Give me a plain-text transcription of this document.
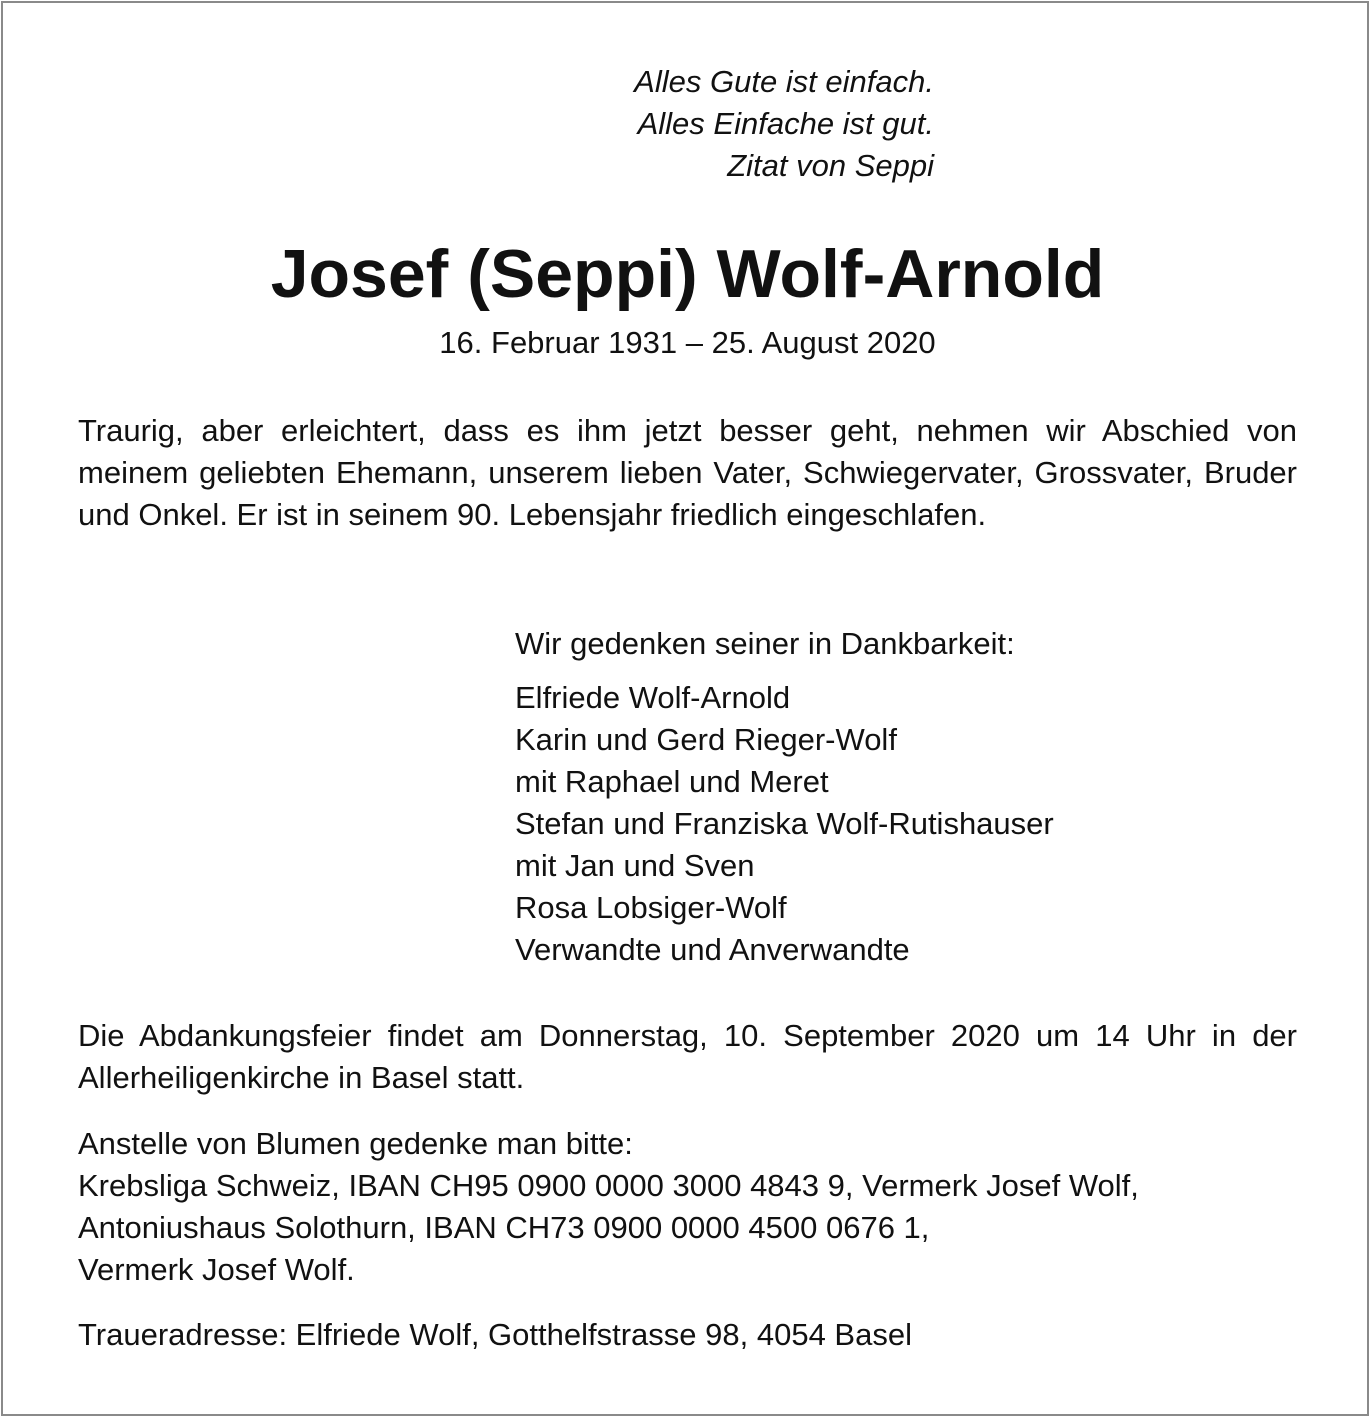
Alles Gute ist einfach.
Alles Einfache ist gut.
Zitat von Seppi
Josef (Seppi) Wolf-Arnold
16. Februar 1931 – 25. August 2020
Traurig, aber erleichtert, dass es ihm jetzt besser geht, nehmen wir Abschied von meinem geliebten Ehemann, unserem lieben Vater, Schwiegervater, Grossvater, Bruder und Onkel. Er ist in seinem 90. Lebensjahr friedlich eingeschlafen.
Wir gedenken seiner in Dankbarkeit:
Elfriede Wolf-Arnold
Karin und Gerd Rieger-Wolf
mit Raphael und Meret
Stefan und Franziska Wolf-Rutishauser
mit Jan und Sven
Rosa Lobsiger-Wolf
Verwandte und Anverwandte
Die Abdankungsfeier findet am Donnerstag, 10. September 2020 um 14 Uhr in der Allerheiligenkirche in Basel statt.
Anstelle von Blumen gedenke man bitte:
Krebsliga Schweiz, IBAN CH95 0900 0000 3000 4843 9, Vermerk Josef Wolf,
Antoniushaus Solothurn, IBAN CH73 0900 0000 4500 0676 1,
Vermerk Josef Wolf.
Traueradresse: Elfriede Wolf, Gotthelfstrasse 98, 4054 Basel
